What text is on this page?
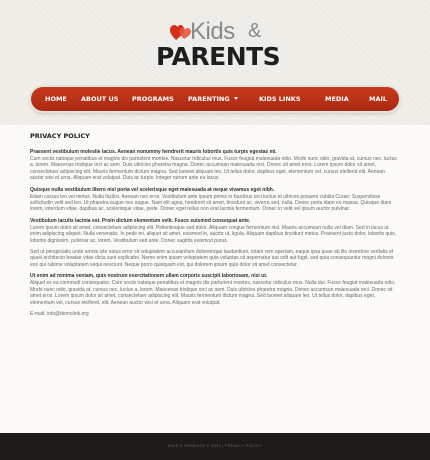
Kids &
PARENTS
HOME ABOUT US PROGRAMS PARENTING	KIDS LINKS	MEDIA	MAIL
PRIVACY POLICY
Praesent vestibulum molestie lacus. Aenean nonummy hendrerit mauris lobortis quis turpis egestas mi.
Cum sociis natoque penatibus et magnis dis parturient montes. Nascetur ridiculus mus. Fusce feugiat malesuada odio. Morbi nunc odio, gravida at, cursus nec, luctus a, lorem. Maecenas tristique orci ac sem. Duis ultricies pharetra magna. Donec accumsan malesuada orci. Donec sit amet eros. Lorem ipsum dolor sit amet, consectetuer adipiscing elit. Mauris fermentum dictum magna. Sed laoreet aliquam leo. Ut tellus dolor, dapibus eget, elementum vel, cursus eleifend elit. Aenean auctor wisi et urna. Aliquam erat volutpat. Duis ac turpis. Integer rutrum ante eu lacus.
Quisque nulla vestibulum libero nisl porta vel scelerisque eget malesuada at neque vivamus eget nibh.
Etiam cursus leo vel metus. Nulla facilisi. Aenean nec eros. Vestibulum ante ipsum primis in faucibus orci luctus et ultrices posuere cubilia Curae; Suspendisse sollicitudin velit sed leo. Ut pharetra augue nec augue. Nam elit agna, hendrerit sit amet, tincidunt ac, viverra sed, nulla. Donec porta diam eu massa. Quisque diam lorem, interdum vitae, dapibus ac, scelerisque vitae, pede. Donec eget tellus non erat lacinia fermentum. Donec in velit vel ipsum auctor pulvinar.
Vestibulum iaculis lacinia est. Proin dictum elementum velit. Fusce euismod consequat ante.
Lorem ipsum dolor sit amet, consectetuer adipiscing elit. Pellentesque sed dolor. Aliquam congue fermentum nisl. Mauris accumsan nulla vel diam. Sed in lacus ut enim adipiscing aliquet. Nulla venenatis. In pede mi, aliquet sit amet, euismod in, auctor ut, ligula. Aliquam dapibus tincidunt metus. Praesent justo dolor, lobortis quis, lobortis dignissim, pulvinar ac, lorem. Vestibulum sed ante. Donec sagittis euismod purus.
Sed ut perspiciatis unde omnis iste natus error sit voluptatem accusantium doloremque laudantium, totam rem aperiam, eaque ipsa quae ab illo inventore veritatis et quasi architecto beatae vitae dicta sunt explicabo. Nemo enim ipsam voluptatem quia voluptas sit aspernatur aut odit aut fugit, sed quia consequuntur magni dolores eos qui ratione voluptatem sequi nesciunt. Neque porro quisquam est, qui dolorem ipsum quia dolor sit amet consectetur.
Ut enim ad minima veniam, quis nostrum exercitationem ullam corporis suscipit laboriosam, nisi ut.
Aliquid ex ea commodi consequatur. Cum sociis natoque penatibus et magnis dis parturient montes, nascetur ridiculus mus. Nulla dui. Fusce feugiat malesuada odio. Morbi nunc odio, gravida at, cursus nec, luctus a, lorem. Maecenas tristique orci ac sem. Duis ultricies pharetra magna. Donec accumsan malesuada orci. Donec sit amet eros. Lorem ipsum dolor sit amet, consectetuer adipiscing elit. Mauris fermentum dictum magna. Sed laoreet aliquam leo. Ut tellus dolor, dapibus eget, elementum vel, cursus eleifend, elit. Aenean auctor wisi et urna. Aliquam erat volutpat.
E-mail: info@demolink.org
KIDS & PARENTS © 2011 | PRIVACY POLICY
